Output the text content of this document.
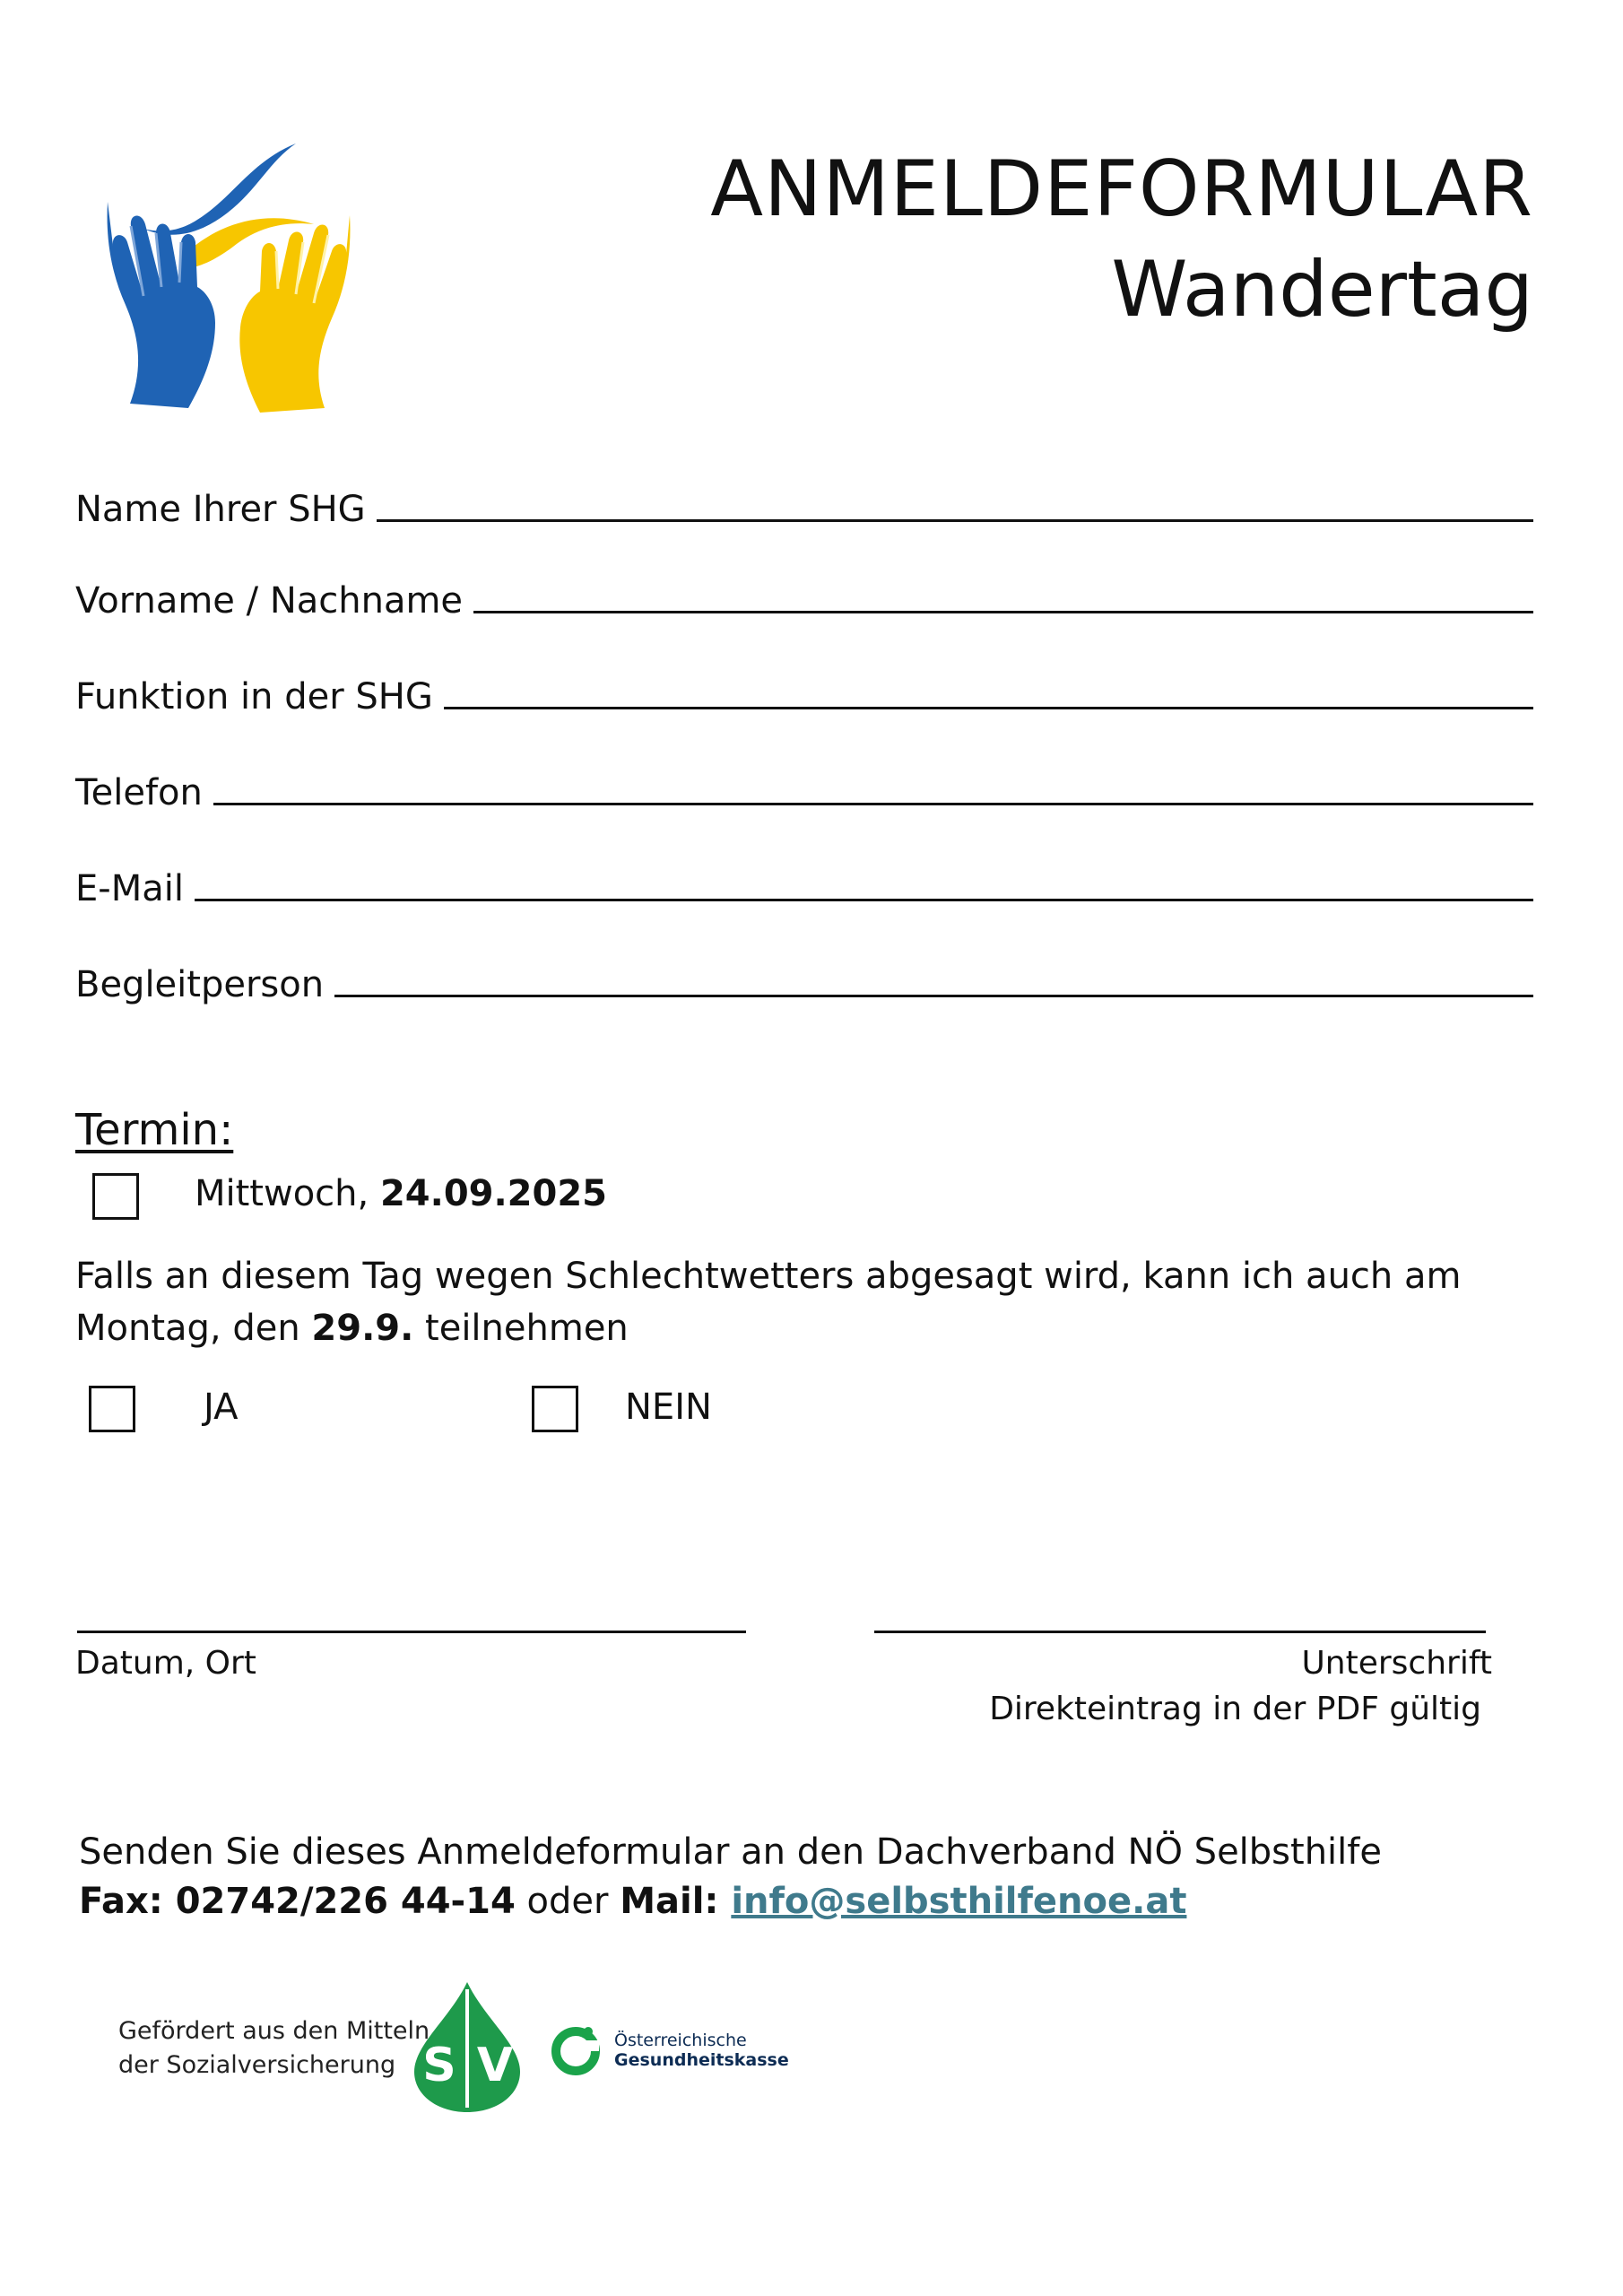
ANMELDEFORMULAR
Wandertag
Name Ihrer SHG
Vorname / Nachname
Funktion in der SHG
Telefon
E-Mail
Begleitperson
Termin:
Mittwoch, 24.09.2025
Falls an diesem Tag wegen Schlechtwetters abgesagt wird, kann ich auch am Montag, den 29.9. teilnehmen
JA	NEIN
Datum, Ort	Unterschrift
Direkteintrag in der PDF gültig
Senden Sie dieses Anmeldeformular an den Dachverband NÖ Selbsthilfe
Fax: 02742/226 44-14 oder Mail: info@selbsthilfenoe.at
Gefördert aus den Mitteln
der Sozialversicherung S V	Österreichische
Gesundheitskasse
